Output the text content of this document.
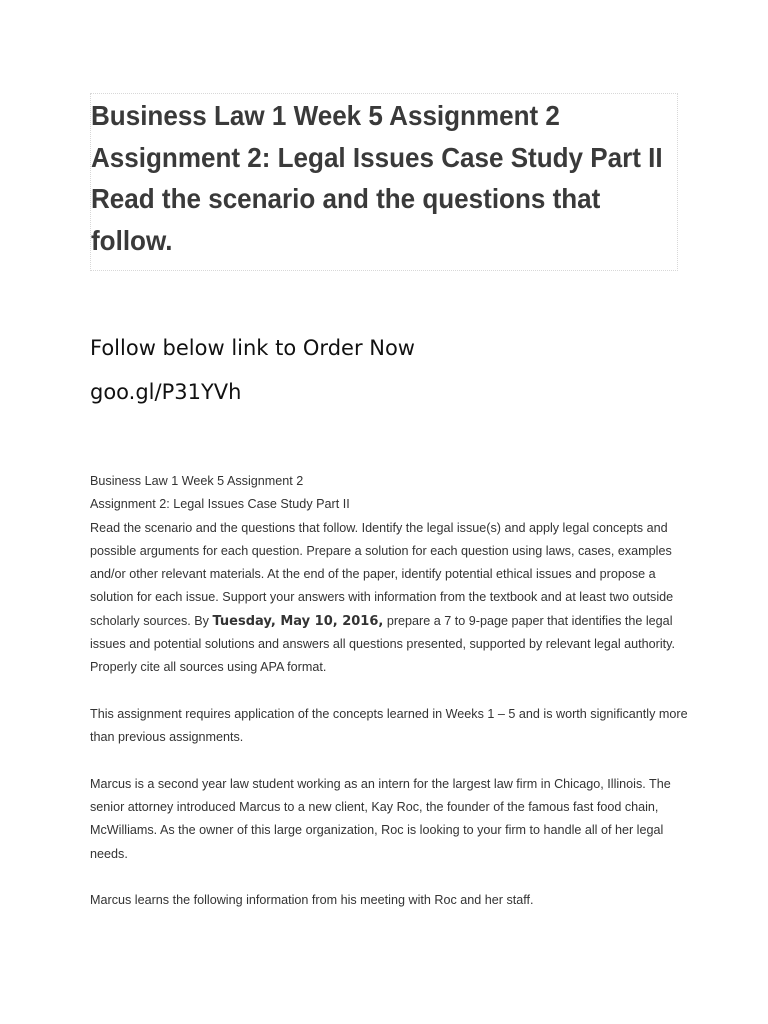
Business Law 1 Week 5 Assignment 2 Assignment 2: Legal Issues Case Study Part II Read the scenario and the questions that follow.

Follow below link to Order Now

goo.gl/P31YVh

Business Law 1 Week 5 Assignment 2

Assignment 2: Legal Issues Case Study Part II

Read the scenario and the questions that follow. Identify the legal issue(s) and apply legal concepts and possible arguments for each question. Prepare a solution for each question using laws, cases, examples and/or other relevant materials. At the end of the paper, identify potential ethical issues and propose a solution for each issue. Support your answers with information from the textbook and at least two outside scholarly sources. By Tuesday, May 10, 2016, prepare a 7 to 9-page paper that identifies the legal issues and potential solutions and answers all questions presented, supported by relevant legal authority. Properly cite all sources using APA format.

This assignment requires application of the concepts learned in Weeks 1 – 5 and is worth significantly more than previous assignments.

Marcus is a second year law student working as an intern for the largest law firm in Chicago, Illinois. The senior attorney introduced Marcus to a new client, Kay Roc, the founder of the famous fast food chain, McWilliams. As the owner of this large organization, Roc is looking to your firm to handle all of her legal needs.

Marcus learns the following information from his meeting with Roc and her staff.
